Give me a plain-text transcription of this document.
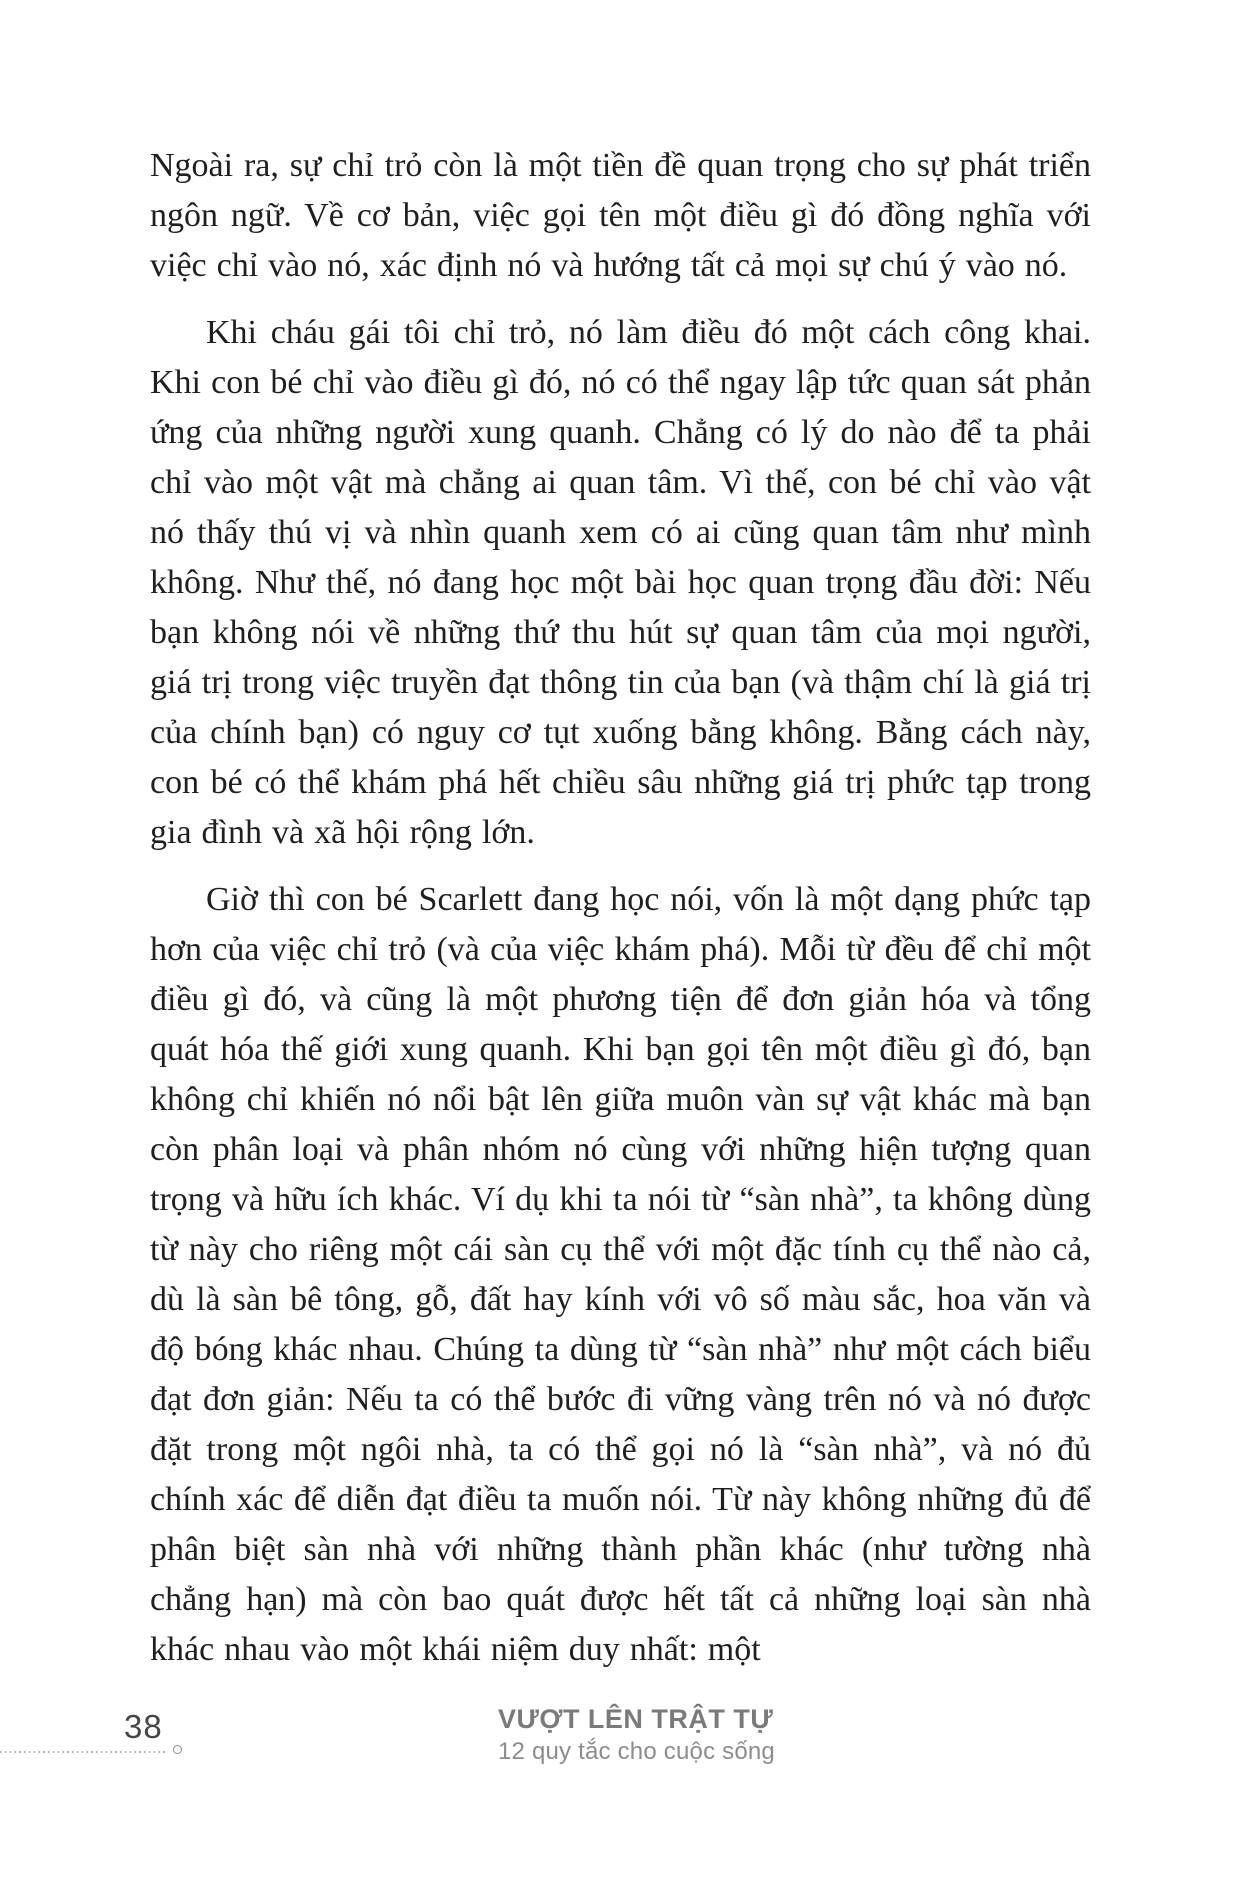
Ngoài ra, sự chỉ trỏ còn là một tiền đề quan trọng cho sự phát triển ngôn ngữ. Về cơ bản, việc gọi tên một điều gì đó đồng nghĩa với việc chỉ vào nó, xác định nó và hướng tất cả mọi sự chú ý vào nó.

Khi cháu gái tôi chỉ trỏ, nó làm điều đó một cách công khai. Khi con bé chỉ vào điều gì đó, nó có thể ngay lập tức quan sát phản ứng của những người xung quanh. Chẳng có lý do nào để ta phải chỉ vào một vật mà chẳng ai quan tâm. Vì thế, con bé chỉ vào vật nó thấy thú vị và nhìn quanh xem có ai cũng quan tâm như mình không. Như thế, nó đang học một bài học quan trọng đầu đời: Nếu bạn không nói về những thứ thu hút sự quan tâm của mọi người, giá trị trong việc truyền đạt thông tin của bạn (và thậm chí là giá trị của chính bạn) có nguy cơ tụt xuống bằng không. Bằng cách này, con bé có thể khám phá hết chiều sâu những giá trị phức tạp trong gia đình và xã hội rộng lớn.

Giờ thì con bé Scarlett đang học nói, vốn là một dạng phức tạp hơn của việc chỉ trỏ (và của việc khám phá). Mỗi từ đều để chỉ một điều gì đó, và cũng là một phương tiện để đơn giản hóa và tổng quát hóa thế giới xung quanh. Khi bạn gọi tên một điều gì đó, bạn không chỉ khiến nó nổi bật lên giữa muôn vàn sự vật khác mà bạn còn phân loại và phân nhóm nó cùng với những hiện tượng quan trọng và hữu ích khác. Ví dụ khi ta nói từ “sàn nhà”, ta không dùng từ này cho riêng một cái sàn cụ thể với một đặc tính cụ thể nào cả, dù là sàn bê tông, gỗ, đất hay kính với vô số màu sắc, hoa văn và độ bóng khác nhau. Chúng ta dùng từ “sàn nhà” như một cách biểu đạt đơn giản: Nếu ta có thể bước đi vững vàng trên nó và nó được đặt trong một ngôi nhà, ta có thể gọi nó là “sàn nhà”, và nó đủ chính xác để diễn đạt điều ta muốn nói. Từ này không những đủ để phân biệt sàn nhà với những thành phần khác (như tường nhà chẳng hạn) mà còn bao quát được hết tất cả những loại sàn nhà khác nhau vào một khái niệm duy nhất: một

38	VƯỢT LÊN TRẬT TỰ
12 quy tắc cho cuộc sống
